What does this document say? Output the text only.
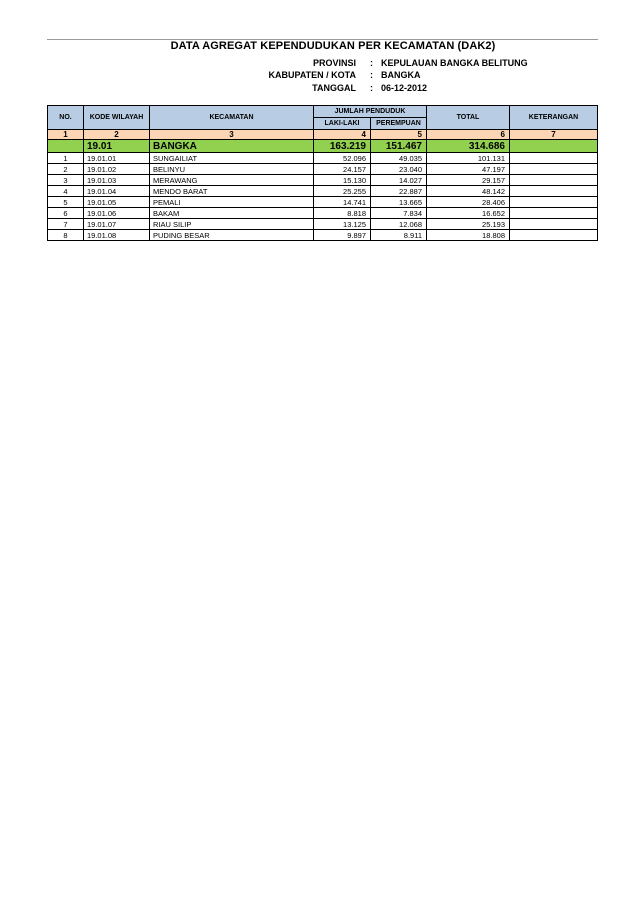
DATA AGREGAT KEPENDUDUKAN PER KECAMATAN (DAK2)
PROVINSI : KEPULAUAN BANGKA BELITUNG
KABUPATEN / KOTA : BANGKA
TANGGAL : 06-12-2012
NO.	KODE WILAYAH	KECAMATAN	JUMLAH PENDUDUK		TOTAL	KETERANGAN
			LAKI-LAKI	PEREMPUAN		
1	2	3	4	5	6	7
	19.01	BANGKA	163.219	151.467	314.686	
1	19.01.01	SUNGAILIAT	52.096	49.035	101.131	
2	19.01.02	BELINYU	24.157	23.040	47.197	
3	19.01.03	MERAWANG	15.130	14.027	29.157	
4	19.01.04	MENDO BARAT	25.255	22.887	48.142	
5	19.01.05	PEMALI	14.741	13.665	28.406	
6	19.01.06	BAKAM	8.818	7.834	16.652	
7	19.01.07	RIAU SILIP	13.125	12.068	25.193	
8	19.01.08	PUDING BESAR	9.897	8.911	18.808	
